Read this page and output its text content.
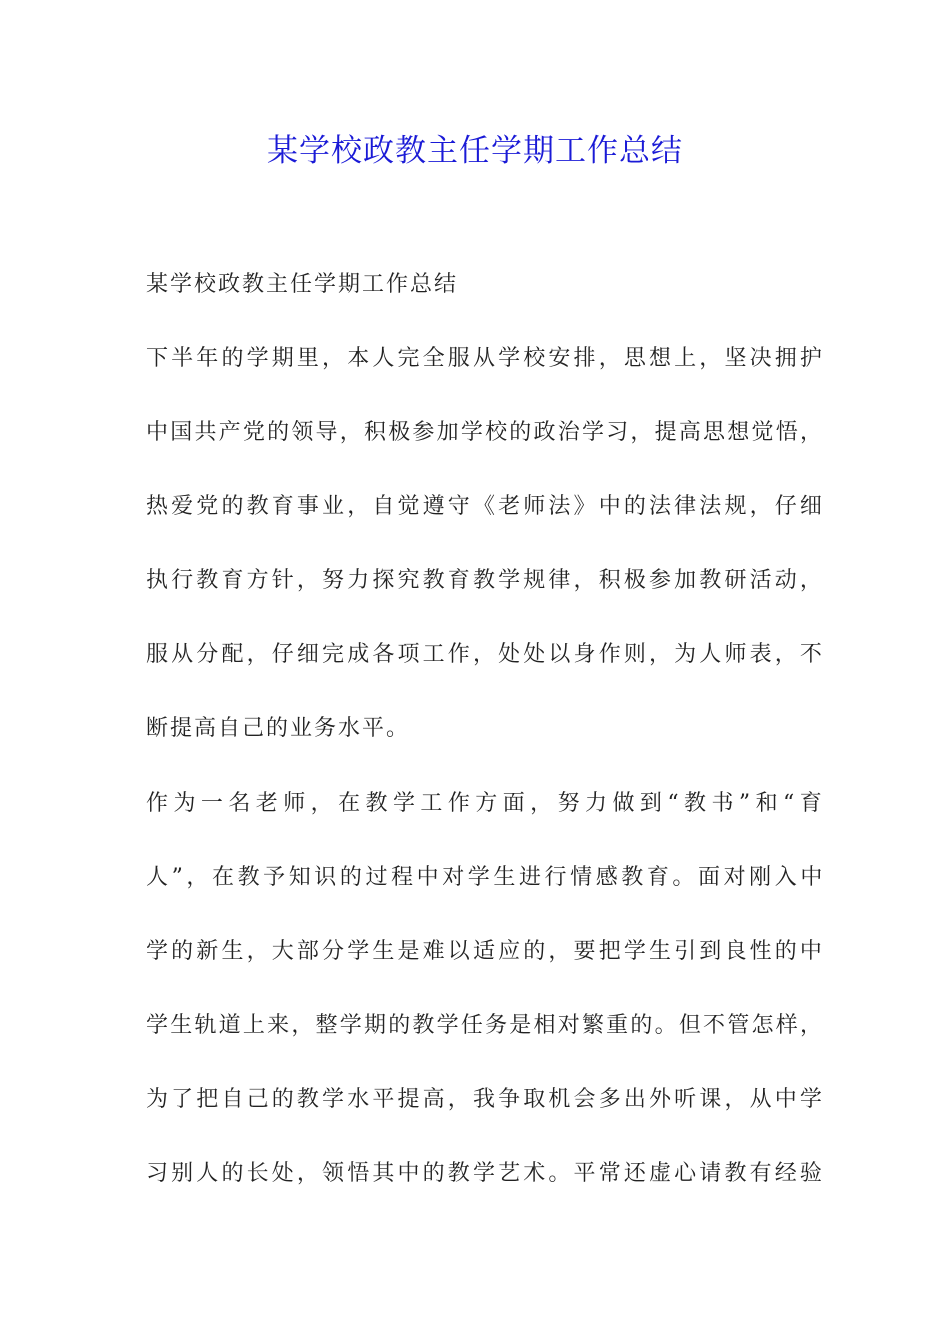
某学校政教主任学期工作总结
某学校政教主任学期工作总结
下半年的学期里，本人完全服从学校安排，思想上，坚决拥护
中国共产党的领导，积极参加学校的政治学习，提高思想觉悟，
热爱党的教育事业，自觉遵守《老师法》中的法律法规，仔细
执行教育方针，努力探究教育教学规律，积极参加教研活动，
服从分配，仔细完成各项工作，处处以身作则，为人师表，不
断提高自己的业务水平。
作为一名老师，在教学工作方面，努力做到“教书”和“育
人”，在教予知识的过程中对学生进行情感教育。面对刚入中
学的新生，大部分学生是难以适应的，要把学生引到良性的中
学生轨道上来，整学期的教学任务是相对繁重的。但不管怎样，
为了把自己的教学水平提高，我争取机会多出外听课，从中学
习别人的长处，领悟其中的教学艺术。平常还虚心请教有经验
